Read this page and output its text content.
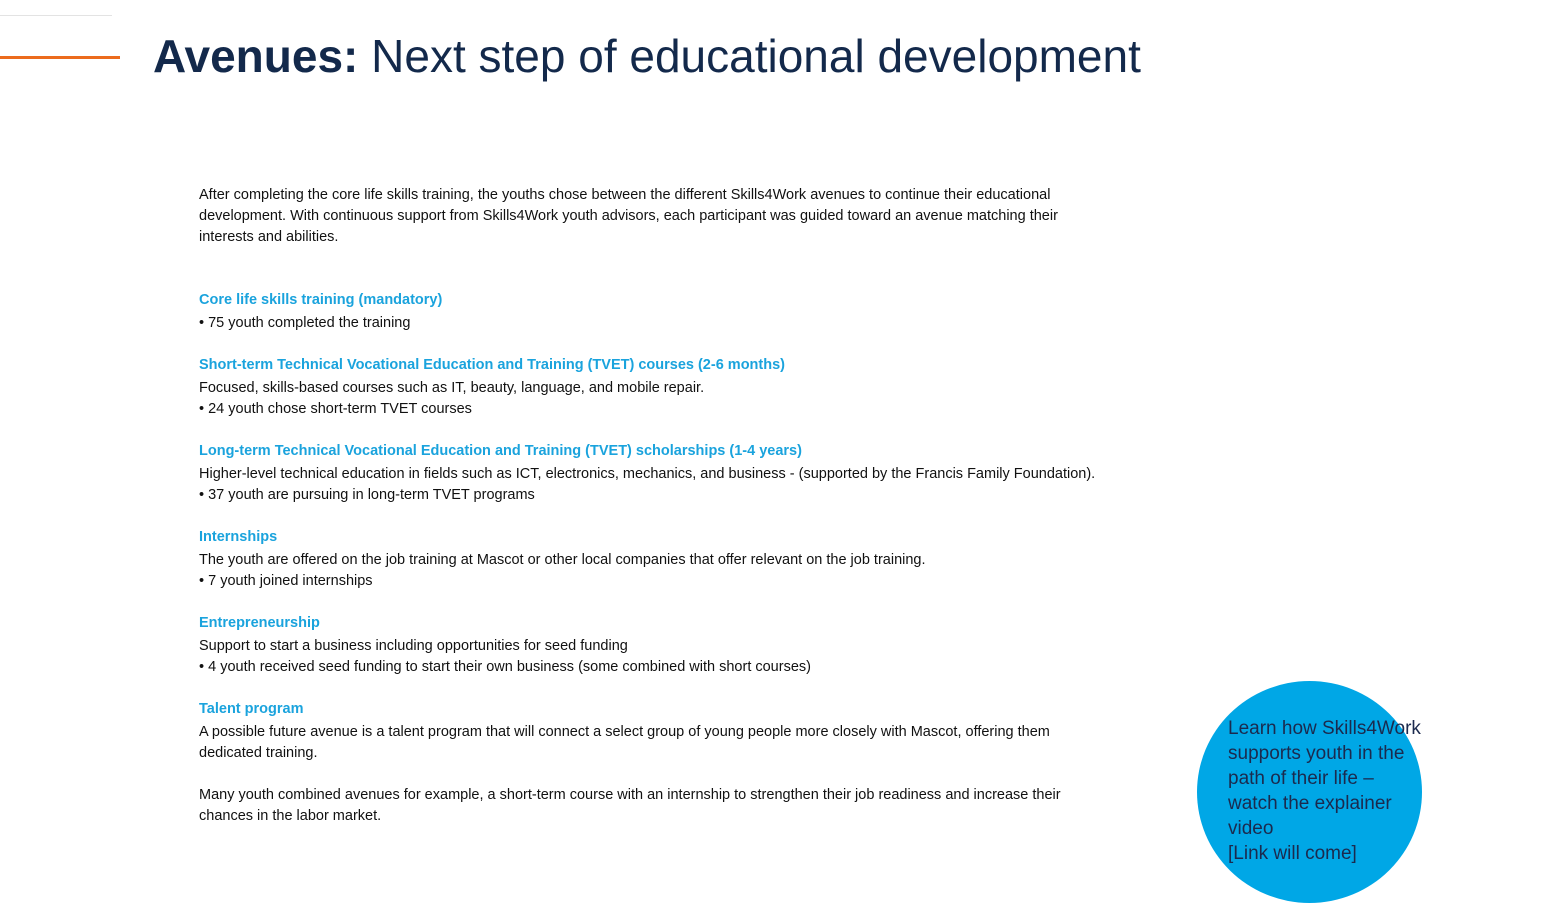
Avenues: Next step of educational development

After completing the core life skills training, the youths chose between the different Skills4Work avenues to continue their educational development. With continuous support from Skills4Work youth advisors, each participant was guided toward an avenue matching their interests and abilities.

Core life skills training (mandatory)

• 75 youth completed the training

Short-term Technical Vocational Education and Training (TVET) courses (2-6 months)

Focused, skills-based courses such as IT, beauty, language, and mobile repair.

• 24 youth chose short-term TVET courses

Long-term Technical Vocational Education and Training (TVET) scholarships (1-4 years)

Higher-level technical education in fields such as ICT, electronics, mechanics, and business - (supported by the Francis Family Foundation).

• 37 youth are pursuing in long-term TVET programs

Internships

The youth are offered on the job training at Mascot or other local companies that offer relevant on the job training.

• 7 youth joined internships

Entrepreneurship

Support to start a business including opportunities for seed funding

• 4 youth received seed funding to start their own business (some combined with short courses)

Talent program

A possible future avenue is a talent program that will connect a select group of young people more closely with Mascot, offering them dedicated training.

Many youth combined avenues for example, a short-term course with an internship to strengthen their job readiness and increase their chances in the labor market.

Learn how Skills4Work
supports youth in the
path of their life –
watch the explainer
video
[Link will come]
